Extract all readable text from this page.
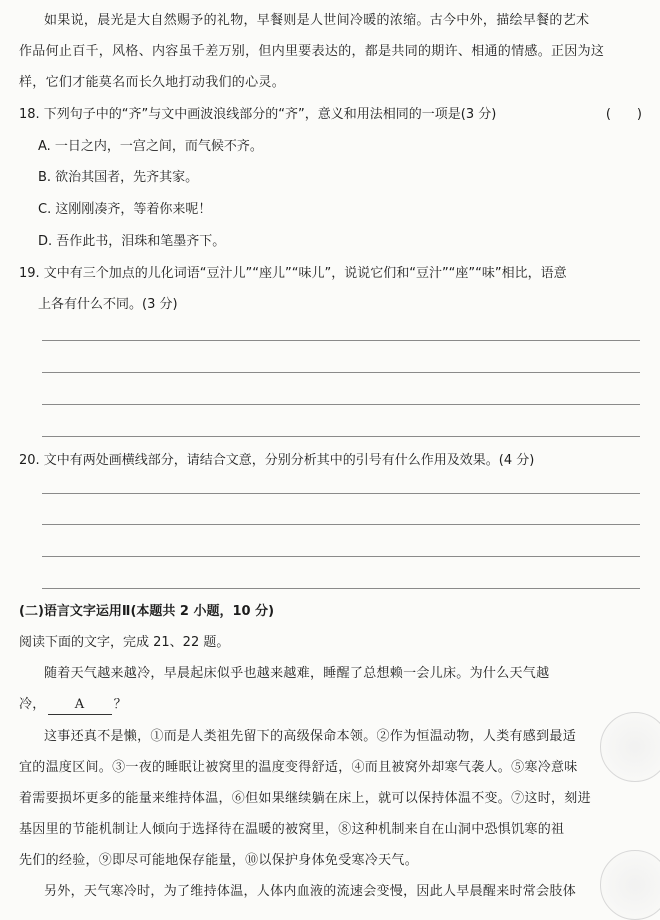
如果说，晨光是大自然赐予的礼物，早餐则是人世间冷暖的浓缩。古今中外，描绘早餐的艺术
作品何止百千，风格、内容虽千差万别，但内里要表达的，都是共同的期许、相通的情感。正因为这
样，它们才能莫名而长久地打动我们的心灵。
18. 下列句子中的“齐”与文中画波浪线部分的“齐”，意义和用法相同的一项是(3 分)	(　　)
A. 一日之内，一宫之间，而气候不齐。
B. 欲治其国者，先齐其家。
C. 这刚刚凑齐，等着你来呢！
D. 吾作此书，泪珠和笔墨齐下。
19. 文中有三个加点的儿化词语“豆汁儿”“座儿”“味儿”，说说它们和“豆汁”“座”“味”相比，语意
上各有什么不同。(3 分)
20. 文中有两处画横线部分，请结合文意，分别分析其中的引号有什么作用及效果。(4 分)
(二)语言文字运用Ⅱ(本题共 2 小题，10 分)
阅读下面的文字，完成 21、22 题。
随着天气越来越冷，早晨起床似乎也越来越难，睡醒了总想赖一会儿床。为什么天气越
冷， A ？
这事还真不是懒，①而是人类祖先留下的高级保命本领。②作为恒温动物，人类有感到最适
宜的温度区间。③一夜的睡眠让被窝里的温度变得舒适，④而且被窝外却寒气袭人。⑤寒冷意味
着需要损坏更多的能量来维持体温，⑥但如果继续躺在床上，就可以保持体温不变。⑦这时，刻进
基因里的节能机制让人倾向于选择待在温暖的被窝里，⑧这种机制来自在山洞中恐惧饥寒的祖
先们的经验，⑨即尽可能地保存能量，⑩以保护身体免受寒冷天气。
另外，天气寒冷时，为了维持体温，人体内血液的流速会变慢，因此人早晨醒来时常会肢体
